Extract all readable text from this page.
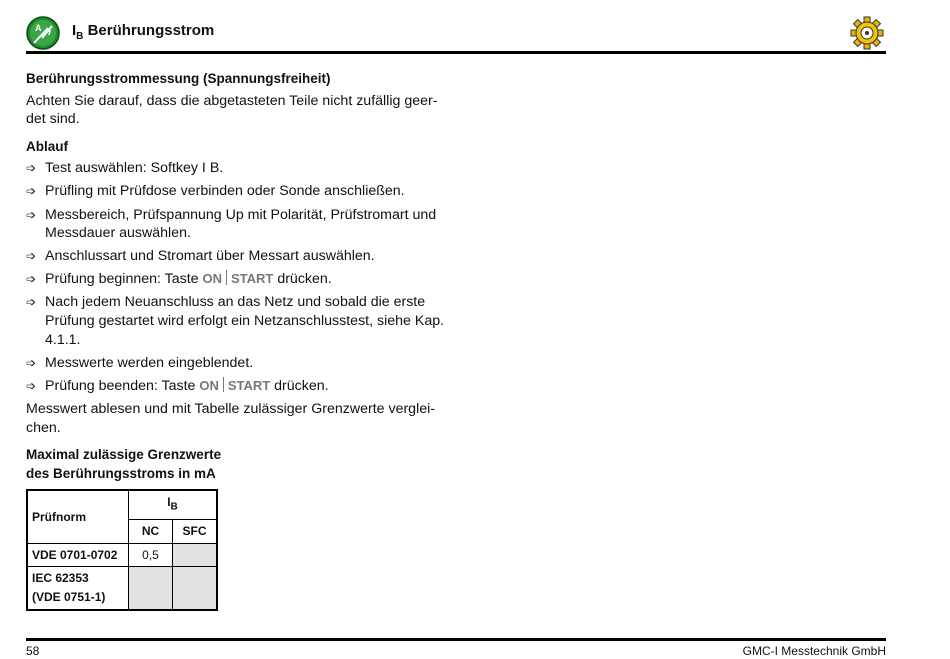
A $I_B$ Berührungsstrom
Berührungsstrommessung (Spannungsfreiheit)
Achten Sie darauf, dass die abgetasteten Teile nicht zufällig geer-det sind.
Ablauf
➩ Test auswählen: Softkey I B.
➩ Prüfling mit Prüfdose verbinden oder Sonde anschließen.
➩ Messbereich, Prüfspannung Up mit Polarität, Prüfstromart und Messdauer auswählen.
➩ Anschlussart und Stromart über Messart auswählen.
➩ Prüfung beginnen: Taste ON START drücken.
➩ Nach jedem Neuanschluss an das Netz und sobald die erste Prüfung gestartet wird erfolgt ein Netzanschlusstest, siehe Kap. 4.1.1.
➩ Messwerte werden eingeblendet.
➩ Prüfung beenden: Taste ON START drücken.
Messwert ablesen und mit Tabelle zulässiger Grenzwerte verglei-chen.
Maximal zulässige Grenzwerte
des Berührungsstroms in mA
Prüfnorm	$I_B$
	NC	SFC
VDE 0701-0702	0,5	

IEC 62353
(VDE 0751-1)		

58	GMC-I Messtechnik GmbH
